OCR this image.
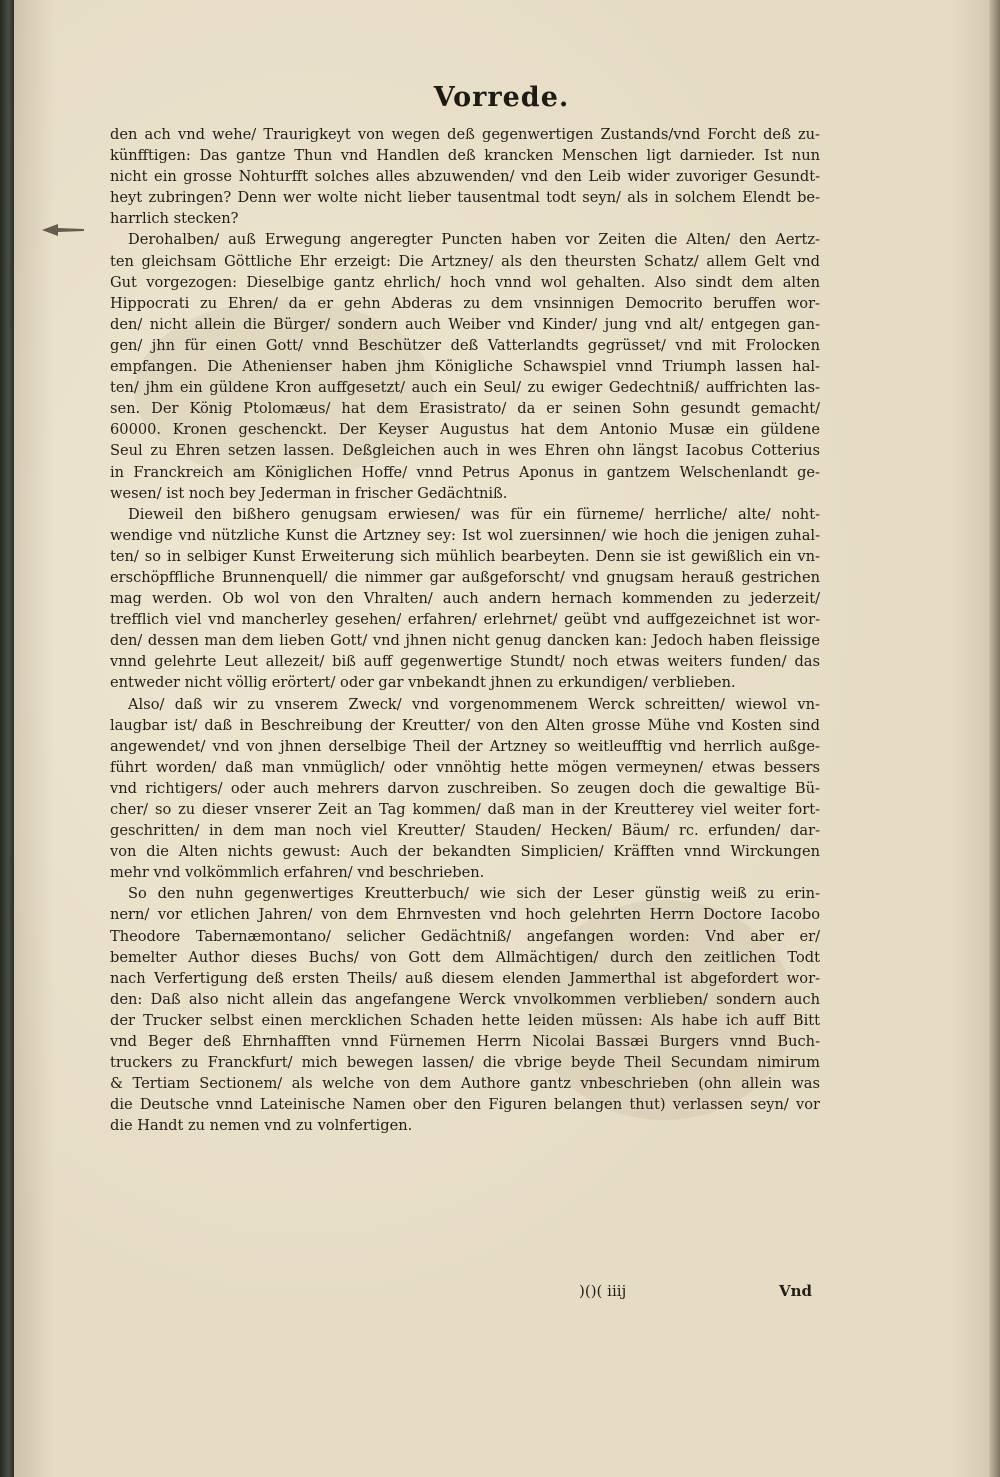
Vorrede.
den ach vnd wehe/ Traurigkeyt von wegen deß gegenwertigen Zustands/vnd Forcht deß zu-
künfftigen: Das gantze Thun vnd Handlen deß krancken Menschen ligt darnieder. Ist nun
nicht ein grosse Nohturfft solches alles abzuwenden/ vnd den Leib wider zuvoriger Gesundt-
heyt zubringen? Denn wer wolte nicht lieber tausentmal todt seyn/ als in solchem Elendt be-
harrlich stecken?
Derohalben/ auß Erwegung angeregter Puncten haben vor Zeiten die Alten/ den Aertz-
ten gleichsam Göttliche Ehr erzeigt: Die Artzney/ als den theursten Schatz/ allem Gelt vnd
Gut vorgezogen: Dieselbige gantz ehrlich/ hoch vnnd wol gehalten. Also sindt dem alten
Hippocrati zu Ehren/ da er gehn Abderas zu dem vnsinnigen Democrito beruffen wor-
den/ nicht allein die Bürger/ sondern auch Weiber vnd Kinder/ jung vnd alt/ entgegen gan-
gen/ jhn für einen Gott/ vnnd Beschützer deß Vatterlandts gegrüsset/ vnd mit Frolocken
empfangen. Die Athenienser haben jhm Königliche Schawspiel vnnd Triumph lassen hal-
ten/ jhm ein güldene Kron auffgesetzt/ auch ein Seul/ zu ewiger Gedechtniß/ auffrichten las-
sen. Der König Ptolomæus/ hat dem Erasistrato/ da er seinen Sohn gesundt gemacht/
60000. Kronen geschenckt. Der Keyser Augustus hat dem Antonio Musæ ein güldene
Seul zu Ehren setzen lassen. Deßgleichen auch in wes Ehren ohn längst Iacobus Cotterius
in Franckreich am Königlichen Hoffe/ vnnd Petrus Aponus in gantzem Welschenlandt ge-
wesen/ ist noch bey Jederman in frischer Gedächtniß.
Dieweil den bißhero genugsam erwiesen/ was für ein fürneme/ herrliche/ alte/ noht-
wendige vnd nützliche Kunst die Artzney sey: Ist wol zuersinnen/ wie hoch die jenigen zuhal-
ten/ so in selbiger Kunst Erweiterung sich mühlich bearbeyten. Denn sie ist gewißlich ein vn-
erschöpffliche Brunnenquell/ die nimmer gar außgeforscht/ vnd gnugsam herauß gestrichen
mag werden. Ob wol von den Vhralten/ auch andern hernach kommenden zu jederzeit/
trefflich viel vnd mancherley gesehen/ erfahren/ erlehrnet/ geübt vnd auffgezeichnet ist wor-
den/ dessen man dem lieben Gott/ vnd jhnen nicht genug dancken kan: Jedoch haben fleissige
vnnd gelehrte Leut allezeit/ biß auff gegenwertige Stundt/ noch etwas weiters funden/ das
entweder nicht völlig erörtert/ oder gar vnbekandt jhnen zu erkundigen/ verblieben.
Also/ daß wir zu vnserem Zweck/ vnd vorgenommenem Werck schreitten/ wiewol vn-
laugbar ist/ daß in Beschreibung der Kreutter/ von den Alten grosse Mühe vnd Kosten sind
angewendet/ vnd von jhnen derselbige Theil der Artzney so weitleufftig vnd herrlich außge-
führt worden/ daß man vnmüglich/ oder vnnöhtig hette mögen vermeynen/ etwas bessers
vnd richtigers/ oder auch mehrers darvon zuschreiben. So zeugen doch die gewaltige Bü-
cher/ so zu dieser vnserer Zeit an Tag kommen/ daß man in der Kreutterey viel weiter fort-
geschritten/ in dem man noch viel Kreutter/ Stauden/ Hecken/ Bäum/ rc. erfunden/ dar-
von die Alten nichts gewust: Auch der bekandten Simplicien/ Kräfften vnnd Wirckungen
mehr vnd volkömmlich erfahren/ vnd beschrieben.
So den nuhn gegenwertiges Kreutterbuch/ wie sich der Leser günstig weiß zu erin-
nern/ vor etlichen Jahren/ von dem Ehrnvesten vnd hoch gelehrten Herrn Doctore Iacobo
Theodore Tabernæmontano/ selicher Gedächtniß/ angefangen worden: Vnd aber er/
bemelter Author dieses Buchs/ von Gott dem Allmächtigen/ durch den zeitlichen Todt
nach Verfertigung deß ersten Theils/ auß diesem elenden Jammerthal ist abgefordert wor-
den: Daß also nicht allein das angefangene Werck vnvolkommen verblieben/ sondern auch
der Trucker selbst einen mercklichen Schaden hette leiden müssen: Als habe ich auff Bitt
vnd Beger deß Ehrnhafften vnnd Fürnemen Herrn Nicolai Bassæi Burgers vnnd Buch-
truckers zu Franckfurt/ mich bewegen lassen/ die vbrige beyde Theil Secundam nimirum
& Tertiam Sectionem/ als welche von dem Authore gantz vnbeschrieben (ohn allein was
die Deutsche vnnd Lateinische Namen ober den Figuren belangen thut) verlassen seyn/ vor
die Handt zu nemen vnd zu volnfertigen.
)()( iiij	Vnd
